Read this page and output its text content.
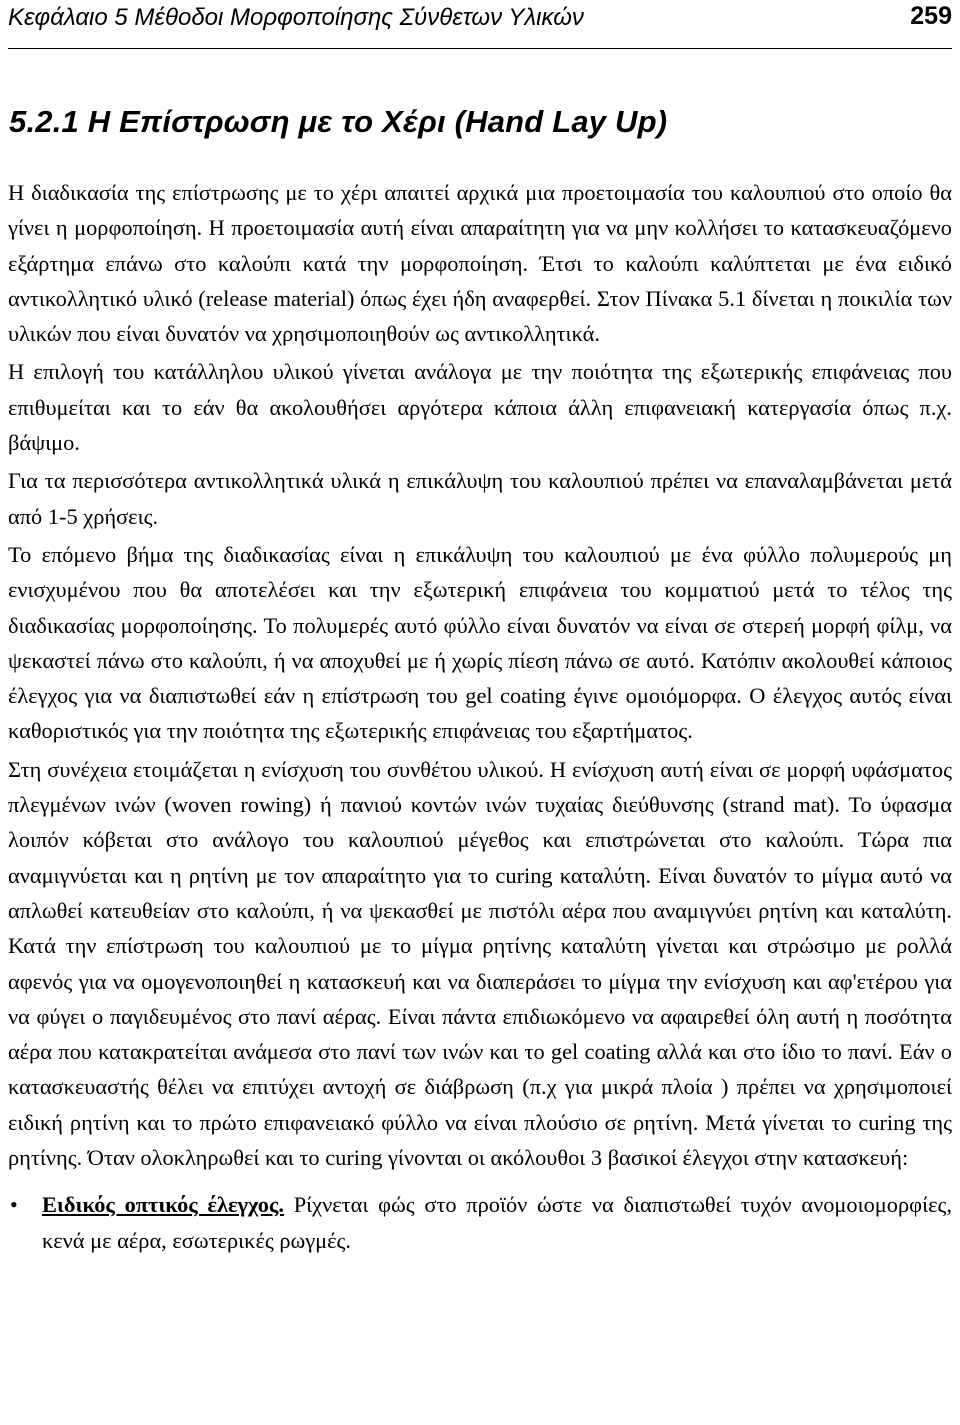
Κεφάλαιο 5 Μέθοδοι Μορφοποίησης Σύνθετων Υλικών	259
5.2.1 Η Επίστρωση με το Χέρι (Hand Lay Up)

Η διαδικασία της επίστρωσης με το χέρι απαιτεί αρχικά μια προετοιμασία του καλουπιού στο οποίο θα γίνει η μορφοποίηση. Η προετοιμασία αυτή είναι απαραίτητη για να μην κολλήσει το κατασκευαζόμενο εξάρτημα επάνω στο καλούπι κατά την μορφοποίηση. Έτσι το καλούπι καλύπτεται με ένα ειδικό αντικολλητικό υλικό (release material) όπως έχει ήδη αναφερθεί. Στον Πίνακα 5.1 δίνεται η ποικιλία των υλικών που είναι δυνατόν να χρησιμοποιηθούν ως αντικολλητικά.

Η επιλογή του κατάλληλου υλικού γίνεται ανάλογα με την ποιότητα της εξωτερικής επιφάνειας που επιθυμείται και το εάν θα ακολουθήσει αργότερα κάποια άλλη επιφανειακή κατεργασία όπως π.χ. βάψιμο.

Για τα περισσότερα αντικολλητικά υλικά η επικάλυψη του καλουπιού πρέπει να επαναλαμβάνεται μετά από 1-5 χρήσεις.

Το επόμενο βήμα της διαδικασίας είναι η επικάλυψη του καλουπιού με ένα φύλλο πολυμερούς μη ενισχυμένου που θα αποτελέσει και την εξωτερική επιφάνεια του κομματιού μετά το τέλος της διαδικασίας μορφοποίησης. Το πολυμερές αυτό φύλλο είναι δυνατόν να είναι σε στερεή μορφή φίλμ, να ψεκαστεί πάνω στο καλούπι, ή να αποχυθεί με ή χωρίς πίεση πάνω σε αυτό. Κατόπιν ακολουθεί κάποιος έλεγχος για να διαπιστωθεί εάν η επίστρωση του gel coating έγινε ομοιόμορφα. Ο έλεγχος αυτός είναι καθοριστικός για την ποιότητα της εξωτερικής επιφάνειας του εξαρτήματος.

Στη συνέχεια ετοιμάζεται η ενίσχυση του συνθέτου υλικού. Η ενίσχυση αυτή είναι σε μορφή υφάσματος πλεγμένων ινών (woven rowing) ή πανιού κοντών ινών τυχαίας διεύθυνσης (strand mat). Το ύφασμα λοιπόν κόβεται στο ανάλογο του καλουπιού μέγεθος και επιστρώνεται στο καλούπι. Τώρα πια αναμιγνύεται και η ρητίνη με τον απαραίτητο για το curing καταλύτη. Είναι δυνατόν το μίγμα αυτό να απλωθεί κατευθείαν στο καλούπι, ή να ψεκασθεί με πιστόλι αέρα που αναμιγνύει ρητίνη και καταλύτη. Κατά την επίστρωση του καλουπιού με το μίγμα ρητίνης καταλύτη γίνεται και στρώσιμο με ρολλά αφενός για να ομογενοποιηθεί η κατασκευή και να διαπεράσει το μίγμα την ενίσχυση και αφ'ετέρου για να φύγει ο παγιδευμένος στο πανί αέρας. Είναι πάντα επιδιωκόμενο να αφαιρεθεί όλη αυτή η ποσότητα αέρα που κατακρατείται ανάμεσα στο πανί των ινών και το gel coating αλλά και στο ίδιο το πανί. Εάν ο κατασκευαστής θέλει να επιτύχει αντοχή σε διάβρωση (π.χ για μικρά πλοία ) πρέπει να χρησιμοποιεί ειδική ρητίνη και το πρώτο επιφανειακό φύλλο να είναι πλούσιο σε ρητίνη. Μετά γίνεται το curing της ρητίνης. Όταν ολοκληρωθεί και το curing γίνονται οι ακόλουθοι 3 βασικοί έλεγχοι στην κατασκευή:

• Ειδικός οπτικός έλεγχος. Ρίχνεται φώς στο προϊόν ώστε να διαπιστωθεί τυχόν ανομοιομορφίες, κενά με αέρα, εσωτερικές ρωγμές.
